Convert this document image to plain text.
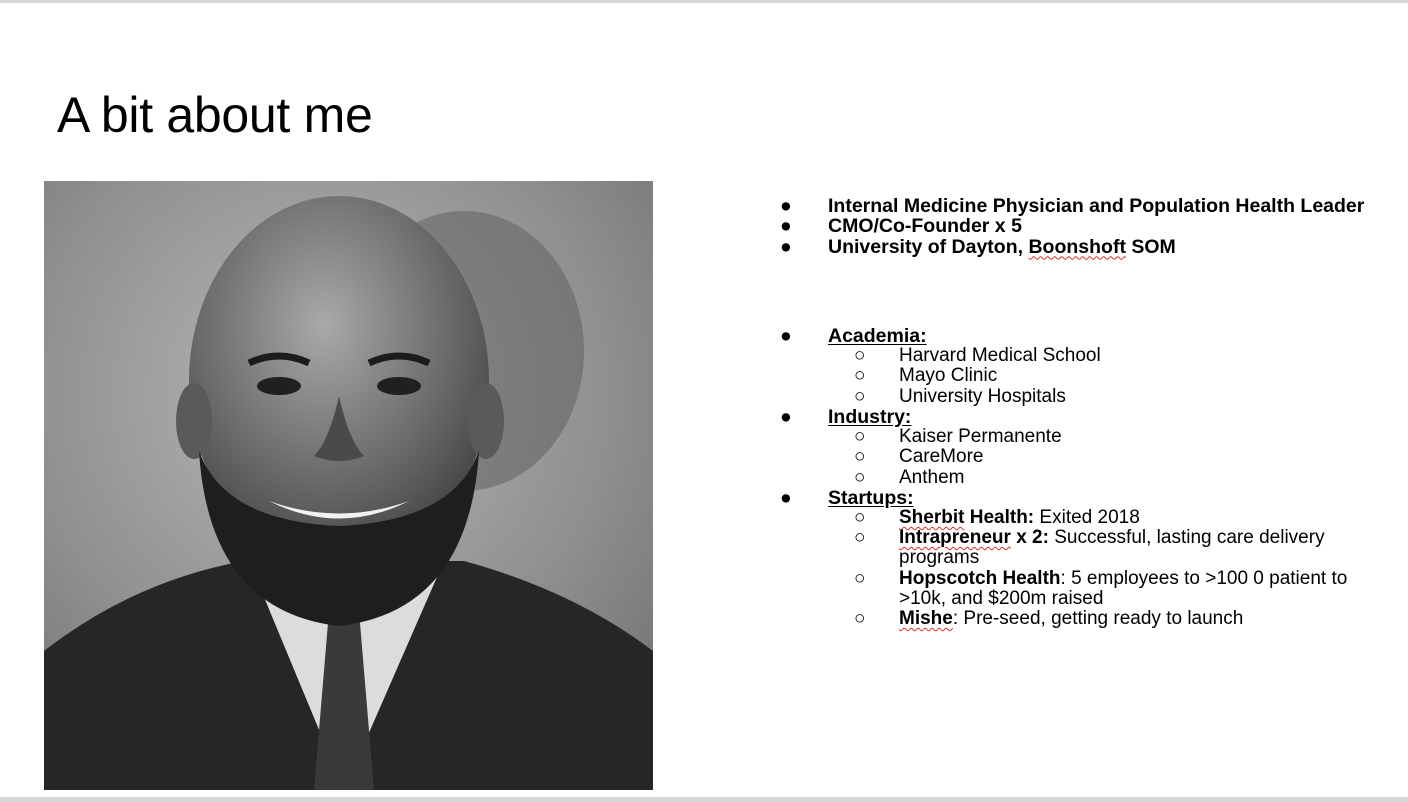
A bit about me
●	Internal Medicine Physician and Population Health Leader
●	CMO/Co-Founder x 5
●	University of Dayton, Boonshoft SOM
●	Academia:
○	Harvard Medical School
○	Mayo Clinic
○	University Hospitals
●	Industry:
○	Kaiser Permanente
○	CareMore
○	Anthem
●	Startups:
○	Sherbit Health: Exited 2018
○	Intrapreneur x 2: Successful, lasting care delivery programs
○	Hopscotch Health: 5 employees to >100 0 patient to >10k, and $200m raised
○	Mishe: Pre-seed, getting ready to launch
